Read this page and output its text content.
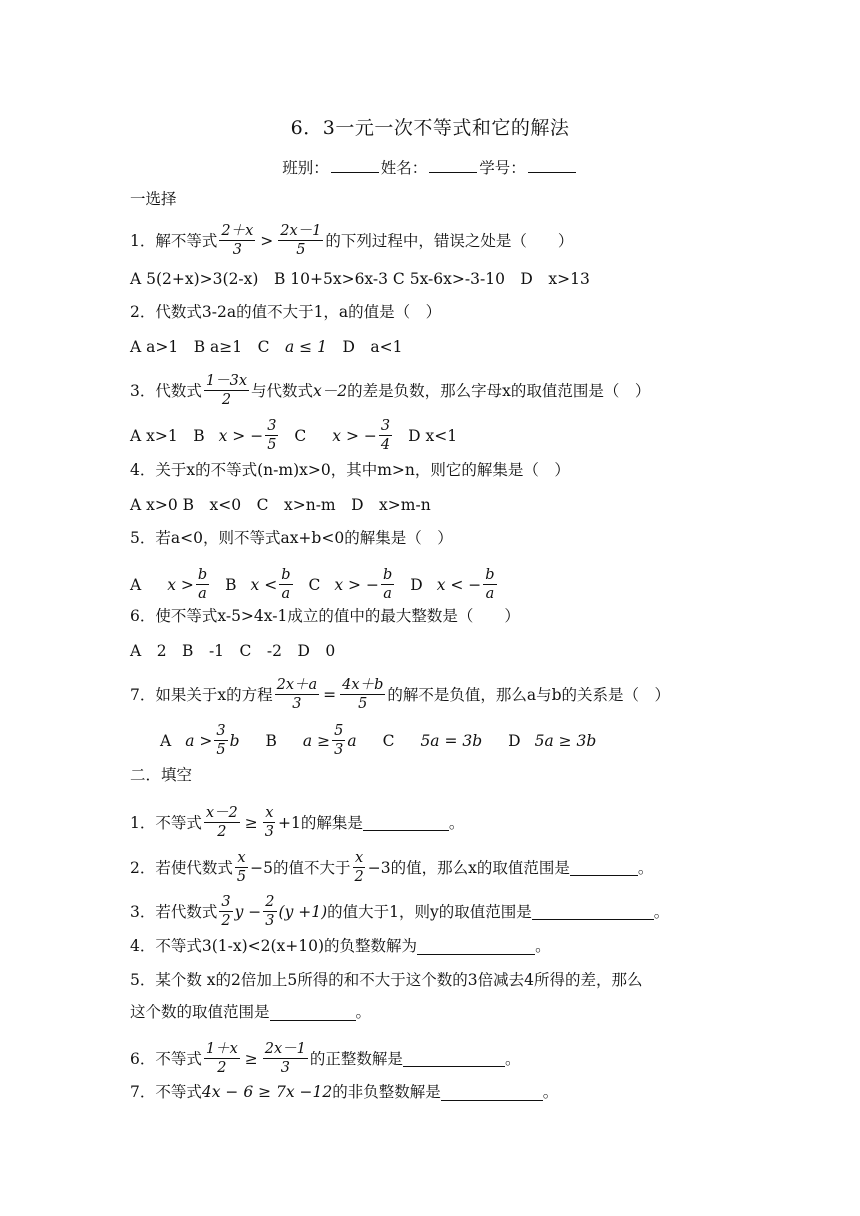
6．3一元一次不等式和它的解法
班别：	姓名：	学号：
一选择
1．解不等式 $\frac{2+x}{3} > \frac{2x-1}{5}$ 的下列过程中，错误之处是（　　）
A 5(2+x)>3(2-x)　B 10+5x>6x-3 C 5x-6x>-3-10　D　x>13
2．代数式3-2a的值不大于1，a的值是（　）
A a>1　B a≥1　C　 a ≤ 1 　D　a<1
3．代数式 $\frac{1-3x}{2}$ 与代数式 x－2 的差是负数，那么字母x的取值范围是（　）
A x>1　B x > − $\frac{3}{5}$ C x > − $\frac{3}{4}$ D x<1
4．关于x的不等式(n-m)x>0，其中m>n，则它的解集是（　）
A x>0 B　x<0　C　x>n-m　D　x>m-n
5．若a<0，则不等式ax+b<0的解集是（　）
A $x > \frac{b}{a}$ B $x < \frac{b}{a}$ C x > − $\frac{b}{a}$ D x < − $\frac{b}{a}$
6．使不等式x-5>4x-1成立的值中的最大整数是（　　）
A　2　B　-1　C　-2　D　0
7．如果关于x的方程 $\frac{2x+a}{3} = \frac{4x+b}{5}$ 的解不是负值，那么a与b的关系是（　）
A $a > \frac{3}{5}$ b B $a \ge \frac{5}{3}$ a C 5a = 3b D 5a ≥ 3b
二．填空
1．不等式 $\frac{x-2}{2} \ge \frac{x}{3} +1$ 的解集是	。
2．若使代数式 $\frac{x}{5} -5$ 的值不大于 $\frac{x}{2} -3$ 的值，那么x的取值范围是	。
3．若代数式 $\frac{3}{2}$ $y - \frac{2}{3} (y +1)$ 的值大于1，则y的取值范围是	。
4．不等式3(1-x)<2(x+10)的负整数解为	。
5．某个数 x的2倍加上5所得的和不大于这个数的3倍减去4所得的差，那么
这个数的取值范围是	。
6．不等式 $\frac{1+x}{2} \ge \frac{2x-1}{3}$ 的正整数解是	。
7．不等式 4x − 6 ≥ 7x −12 的非负整数解是	。
